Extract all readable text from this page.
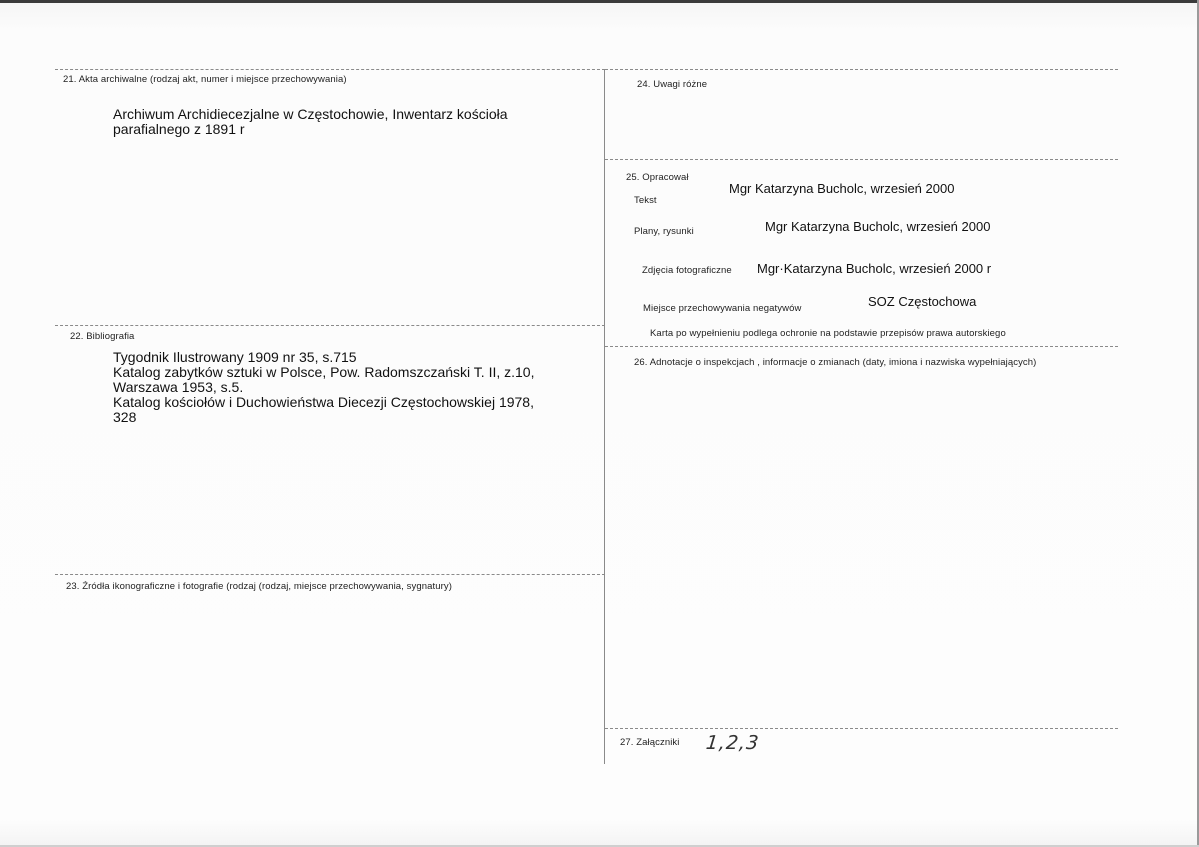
21. Akta archiwalne (rodzaj akt, numer i miejsce przechowywania)
Archiwum Archidiecezjalne w Częstochowie, Inwentarz kościoła
parafialnego z 1891 r
22. Bibliografia
Tygodnik Ilustrowany 1909 nr 35, s.715
Katalog zabytków sztuki w Polsce, Pow. Radomszczański T. II, z.10,
Warszawa 1953, s.5.
Katalog kościołów i Duchowieństwa Diecezji Częstochowskiej 1978,
328
23. Źródła ikonograficzne i fotografie (rodzaj (rodzaj, miejsce przechowywania, sygnatury)
24. Uwagi różne
25. Opracował
Tekst
Mgr Katarzyna Bucholc, wrzesień 2000
Plany, rysunki	Mgr Katarzyna Bucholc, wrzesień 2000
Zdjęcia fotograficzne Mgr·Katarzyna Bucholc, wrzesień 2000 r
Miejsce przechowywania negatywów	SOZ Częstochowa
Karta po wypełnieniu podlega ochronie na podstawie przepisów prawa autorskiego
26. Adnotacje o inspekcjach , informacje o zmianach (daty, imiona i nazwiska wypełniających)
27. Załączniki 1,2,3
